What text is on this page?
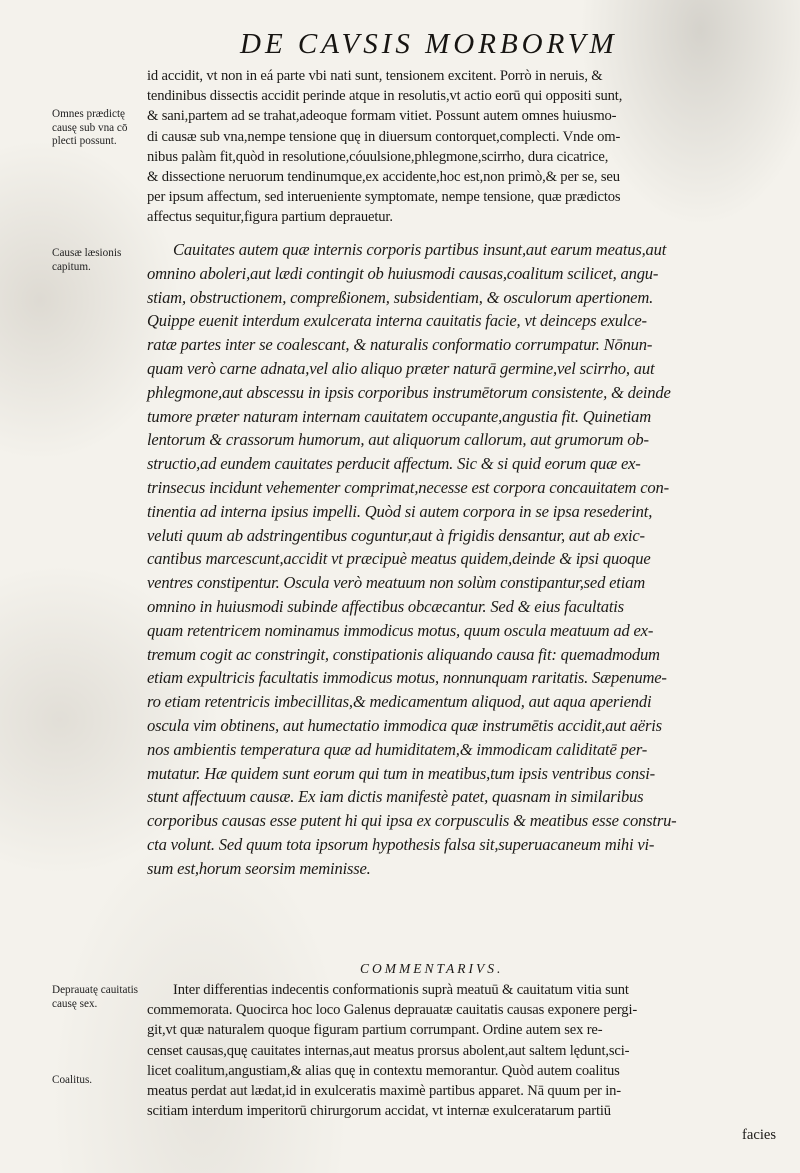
DE CAVSIS MORBORVM
Omnes prædictę causę sub vna cō plecti possunt.
Causæ læsionis capitum.
Deprauatę cauitatis causę sex.
Coalitus.
id accidit, vt non in eá parte vbi nati sunt, tensionem excitent. Porrò in neruis, &
tendinibus dissectis accidit perinde atque in resolutis,vt actio eorū qui oppositi sunt,
& sani,partem ad se trahat,adeoque formam vitiet. Possunt autem omnes huiusmo-
di causæ sub vna,nempe tensione quę in diuersum contorquet,complecti. Vnde om-
nibus palàm fit,quòd in resolutione,cóuulsione,phlegmone,scirrho, dura cicatrice,
& dissectione neruorum tendinumque,ex accidente,hoc est,non primò,& per se, seu
per ipsum affectum, sed interueniente symptomate, nempe tensione, quæ prædictos
affectus sequitur,figura partium deprauetur.
Cauitates autem quæ internis corporis partibus insunt,aut earum meatus,aut
omnino aboleri,aut lædi contingit ob huiusmodi causas,coalitum scilicet, angu-
stiam, obstructionem, compreßionem, subsidentiam, & osculorum apertionem.
Quippe euenit interdum exulcerata interna cauitatis facie, vt deinceps exulce-
ratæ partes inter se coalescant, & naturalis conformatio corrumpatur. Nōnun-
quam verò carne adnata,vel alio aliquo præter naturā germine,vel scirrho, aut
phlegmone,aut abscessu in ipsis corporibus instrumētorum consistente, & deinde
tumore præter naturam internam cauitatem occupante,angustia fit. Quinetiam
lentorum & crassorum humorum, aut aliquorum callorum, aut grumorum ob-
structio,ad eundem cauitates perducit affectum. Sic & si quid eorum quæ ex-
trinsecus incidunt vehementer comprimat,necesse est corpora concauitatem con-
tinentia ad interna ipsius impelli. Quòd si autem corpora in se ipsa resederint,
veluti quum ab adstringentibus coguntur,aut à frigidis densantur, aut ab exic-
cantibus marcescunt,accidit vt præcipuè meatus quidem,deinde & ipsi quoque
ventres constipentur. Oscula verò meatuum non solùm constipantur,sed etiam
omnino in huiusmodi subinde affectibus obcæcantur. Sed & eius facultatis
quam retentricem nominamus immodicus motus, quum oscula meatuum ad ex-
tremum cogit ac constringit, constipationis aliquando causa fit: quemadmodum
etiam expultricis facultatis immodicus motus, nonnunquam raritatis. Sæpenume-
ro etiam retentricis imbecillitas,& medicamentum aliquod, aut aqua aperiendi
oscula vim obtinens, aut humectatio immodica quæ instrumētis accidit,aut aëris
nos ambientis temperatura quæ ad humiditatem,& immodicam caliditatē per-
mutatur. Hæ quidem sunt eorum qui tum in meatibus,tum ipsis ventribus consi-
stunt affectuum causæ. Ex iam dictis manifestè patet, quasnam in similaribus
corporibus causas esse putent hi qui ipsa ex corpusculis & meatibus esse constru-
cta volunt. Sed quum tota ipsorum hypothesis falsa sit,superuacaneum mihi vi-
sum est,horum seorsim meminisse.
COMMENTARIVS.
Inter differentias indecentis conformationis suprà meatuū & cauitatum vitia sunt
commemorata. Quocirca hoc loco Galenus deprauatæ cauitatis causas exponere pergi-
git,vt quæ naturalem quoque figuram partium corrumpant. Ordine autem sex re-
censet causas,quę cauitates internas,aut meatus prorsus abolent,aut saltem lędunt,sci-
licet coalitum,angustiam,& alias quę in contextu memorantur. Quòd autem coalitus
meatus perdat aut lædat,id in exulceratis maximè partibus apparet. Nā quum per in-
scitiam interdum imperitorū chirurgorum accidat, vt internæ exulceratarum partiū
facies
